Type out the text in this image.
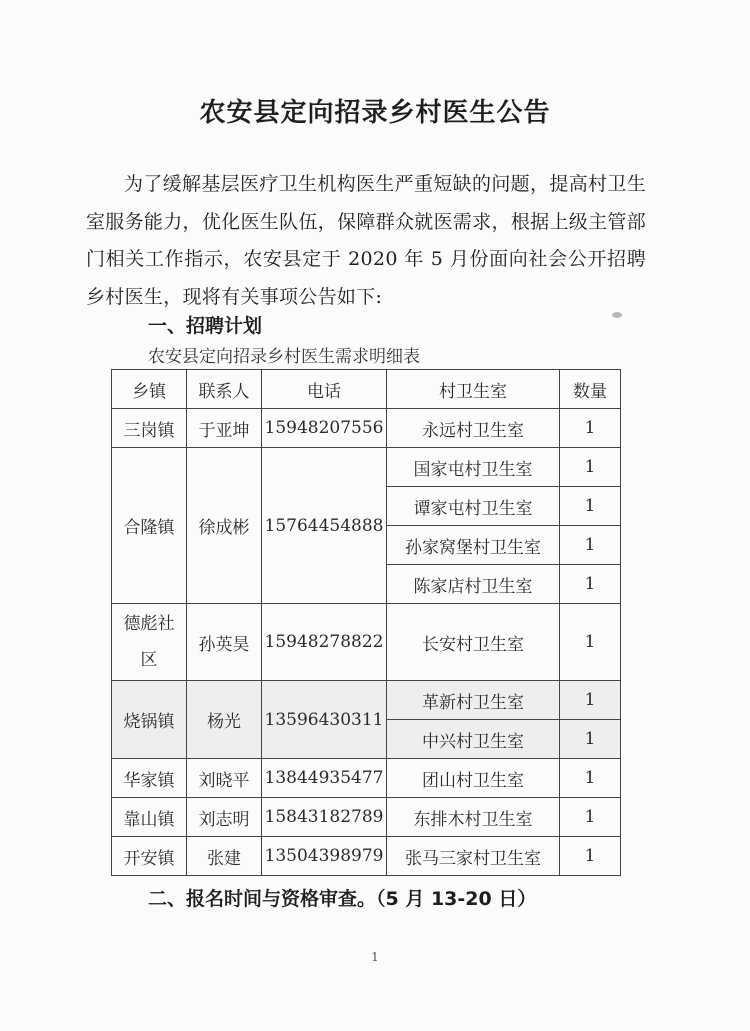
农安县定向招录乡村医生公告
为了缓解基层医疗卫生机构医生严重短缺的问题，提高村卫生室服务能力，优化医生队伍，保障群众就医需求，根据上级主管部门相关工作指示，农安县定于 2020 年 5 月份面向社会公开招聘乡村医生，现将有关事项公告如下:
一、招聘计划
农安县定向招录乡村医生需求明细表
乡镇	联系人	电话	村卫生室	数量
三岗镇	于亚坤	15948207556	永远村卫生室	1
合隆镇	徐成彬	15764454888	国家屯村卫生室	1
			谭家屯村卫生室	1
			孙家窝堡村卫生室	1
			陈家店村卫生室	1

德彪社区	孙英昊	15948278822	长安村卫生室	1
烧锅镇	杨光	13596430311	革新村卫生室	1
			中兴村卫生室	1
华家镇	刘晓平	13844935477	团山村卫生室	1
靠山镇	刘志明	15843182789	东排木村卫生室	1
开安镇	张建	13504398979	张马三家村卫生室	1
二、报名时间与资格审查。（5 月 13-20 日）
1
